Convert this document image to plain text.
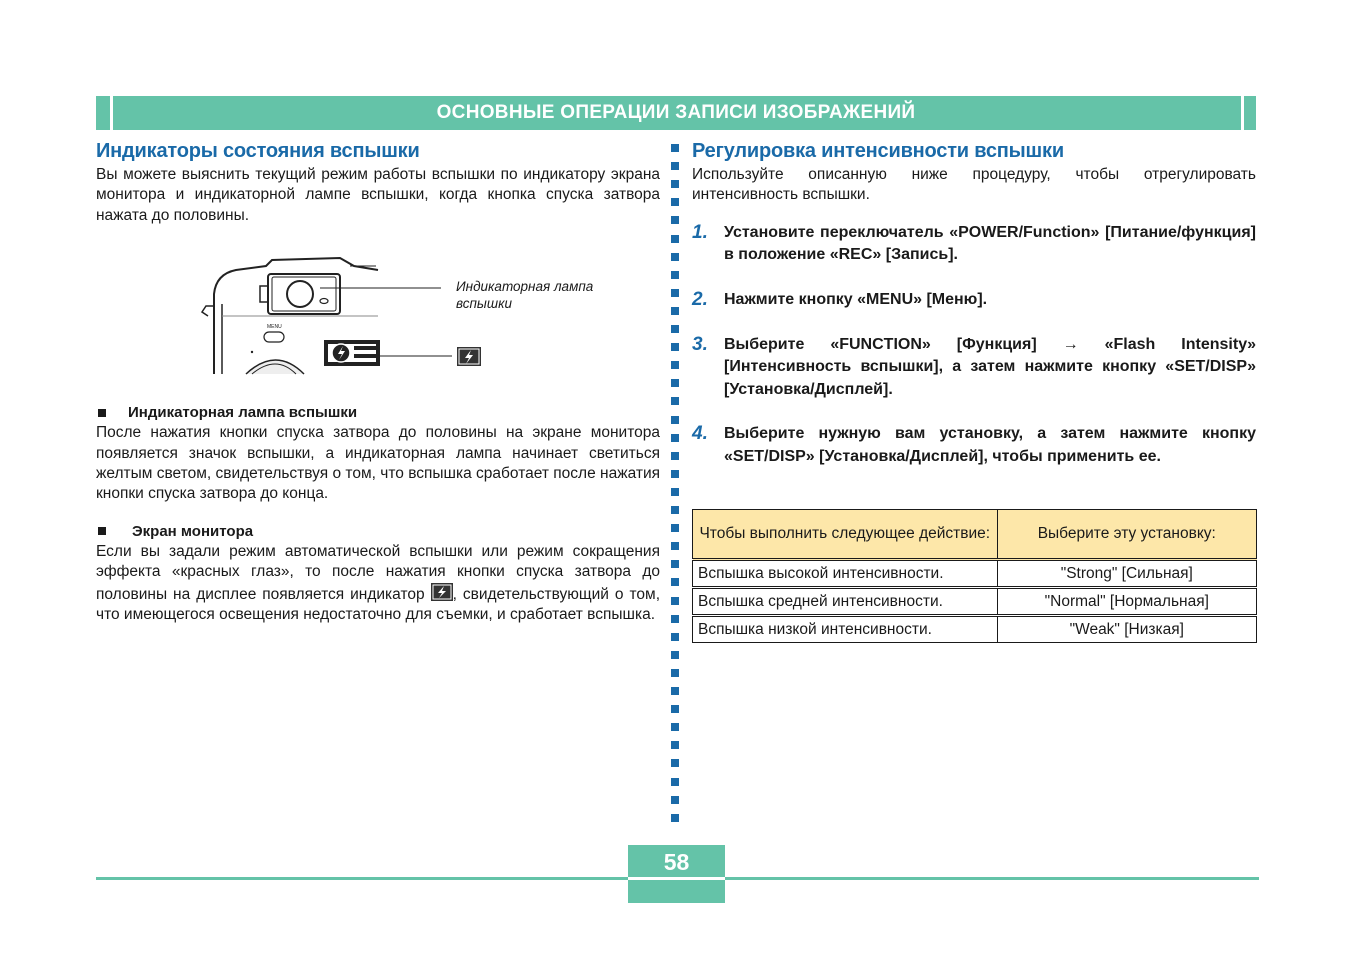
ОСНОВНЫЕ ОПЕРАЦИИ ЗАПИСИ ИЗОБРАЖЕНИЙ
Индикаторы состояния вспышки

Вы можете выяснить текущий режим работы вспышки по индикатору экрана монитора и индикаторной лампе вспышки, когда кнопка спуска затвора нажата до половины.

MENU
Индикаторная лампа вспышки
Индикаторная лампа вспышки

После нажатия кнопки спуска затвора до половины на экране монитора появляется значок вспышки, а индикаторная лампа начинает светиться желтым светом, свидетельствуя о том, что вспышка сработает после нажатия кнопки спуска затвора до конца.

Экран монитора

Если вы задали режим автоматической вспышки или режим сокращения эффекта «красных глаз», то после нажатия кнопки спуска затвора до половины на дисплее появляется индикатор , свидетельствующий о том, что имеющегося освещения недостаточно для съемки, и сработает вспышка.

Регулировка интенсивности вспышки

Используйте описанную ниже процедуру, чтобы отрегулировать интенсивность вспышки.

1.	Установите переключатель «POWER/Function» [Питание/функция] в положение «REC» [Запись].
2.	Нажмите кнопку «MENU» [Меню].
3.	Выберите «FUNCTION» [Функция] → «Flash Intensity» [Интенсивность вспышки], а затем нажмите кнопку «SET/DISP» [Установка/Дисплей].
4.	Выберите нужную вам установку, а затем нажмите кнопку «SET/DISP» [Установка/Дисплей], чтобы применить ее.
Чтобы выполнить следующее действие:	Выберите эту установку:
Вспышка высокой интенсивности.	"Strong" [Сильная]
Вспышка средней интенсивности.	"Normal" [Нормальная]
Вспышка низкой интенсивности.	"Weak" [Низкая]
58
